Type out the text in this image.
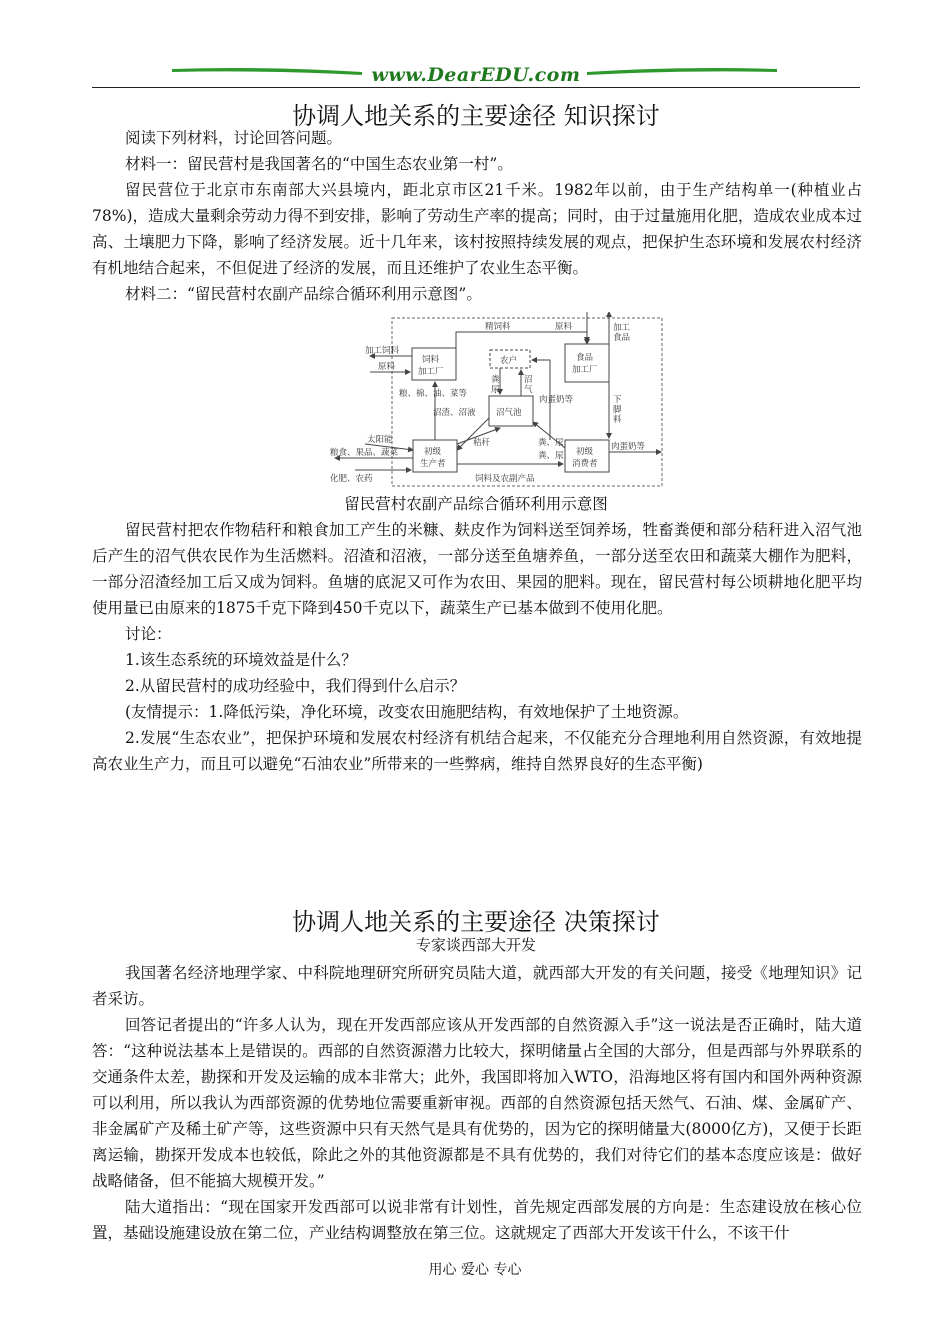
www.DearEDU.com
协调人地关系的主要途径 知识探讨

阅读下列材料，讨论回答问题。

材料一：留民营村是我国著名的“中国生态农业第一村”。

留民营位于北京市东南部大兴县境内，距北京市区21千米。1982年以前，由于生产结构单一(种植业占78%)，造成大量剩余劳动力得不到安排，影响了劳动生产率的提高；同时，由于过量施用化肥，造成农业成本过高、土壤肥力下降，影响了经济发展。近十几年来，该村按照持续发展的观点，把保护生态环境和发展农村经济有机地结合起来，不但促进了经济的发展，而且还维护了农业生态平衡。

材料二：“留民营村农副产品综合循环利用示意图”。

饲料
加工厂
农户	食品
加工厂
沼气池
初级
生产者
初级
消费者
精饲料	原料	加工
食品
加工饲料
原料
粮、棉、油、菜等
粪
尿
沼
气
肉蛋奶等	下
脚
料
沼渣、沼液
秸秆	粪、尿
粪、尿
太阳能
粮食、果品、蔬菜
化肥、农药	饲料及农副产品
肉蛋奶等
留民营村农副产品综合循环利用示意图

留民营村把农作物秸秆和粮食加工产生的米糠、麸皮作为饲料送至饲养场，牲畜粪便和部分秸秆进入沼气池后产生的沼气供农民作为生活燃料。沼渣和沼液，一部分送至鱼塘养鱼，一部分送至农田和蔬菜大棚作为肥料，一部分沼渣经加工后又成为饲料。鱼塘的底泥又可作为农田、果园的肥料。现在，留民营村每公顷耕地化肥平均使用量已由原来的1875千克下降到450千克以下，蔬菜生产已基本做到不使用化肥。

讨论：

1.该生态系统的环境效益是什么？

2.从留民营村的成功经验中，我们得到什么启示？

(友情提示：1.降低污染，净化环境，改变农田施肥结构，有效地保护了土地资源。

2.发展“生态农业”，把保护环境和发展农村经济有机结合起来，不仅能充分合理地利用自然资源，有效地提高农业生产力，而且可以避免“石油农业”所带来的一些弊病，维持自然界良好的生态平衡)

协调人地关系的主要途径 决策探讨
专家谈西部大开发

我国著名经济地理学家、中科院地理研究所研究员陆大道，就西部大开发的有关问题，接受《地理知识》记者采访。

回答记者提出的“许多人认为，现在开发西部应该从开发西部的自然资源入手”这一说法是否正确时，陆大道答：“这种说法基本上是错误的。西部的自然资源潜力比较大，探明储量占全国的大部分，但是西部与外界联系的交通条件太差，勘探和开发及运输的成本非常大；此外，我国即将加入WTO，沿海地区将有国内和国外两种资源可以利用，所以我认为西部资源的优势地位需要重新审视。西部的自然资源包括天然气、石油、煤、金属矿产、非金属矿产及稀土矿产等，这些资源中只有天然气是具有优势的，因为它的探明储量大(8000亿方)，又便于长距离运输，勘探开发成本也较低，除此之外的其他资源都是不具有优势的，我们对待它们的基本态度应该是：做好战略储备，但不能搞大规模开发。”

陆大道指出：“现在国家开发西部可以说非常有计划性，首先规定西部发展的方向是：生态建设放在核心位置，基础设施建设放在第二位，产业结构调整放在第三位。这就规定了西部大开发该干什么，不该干什

用心 爱心 专心
